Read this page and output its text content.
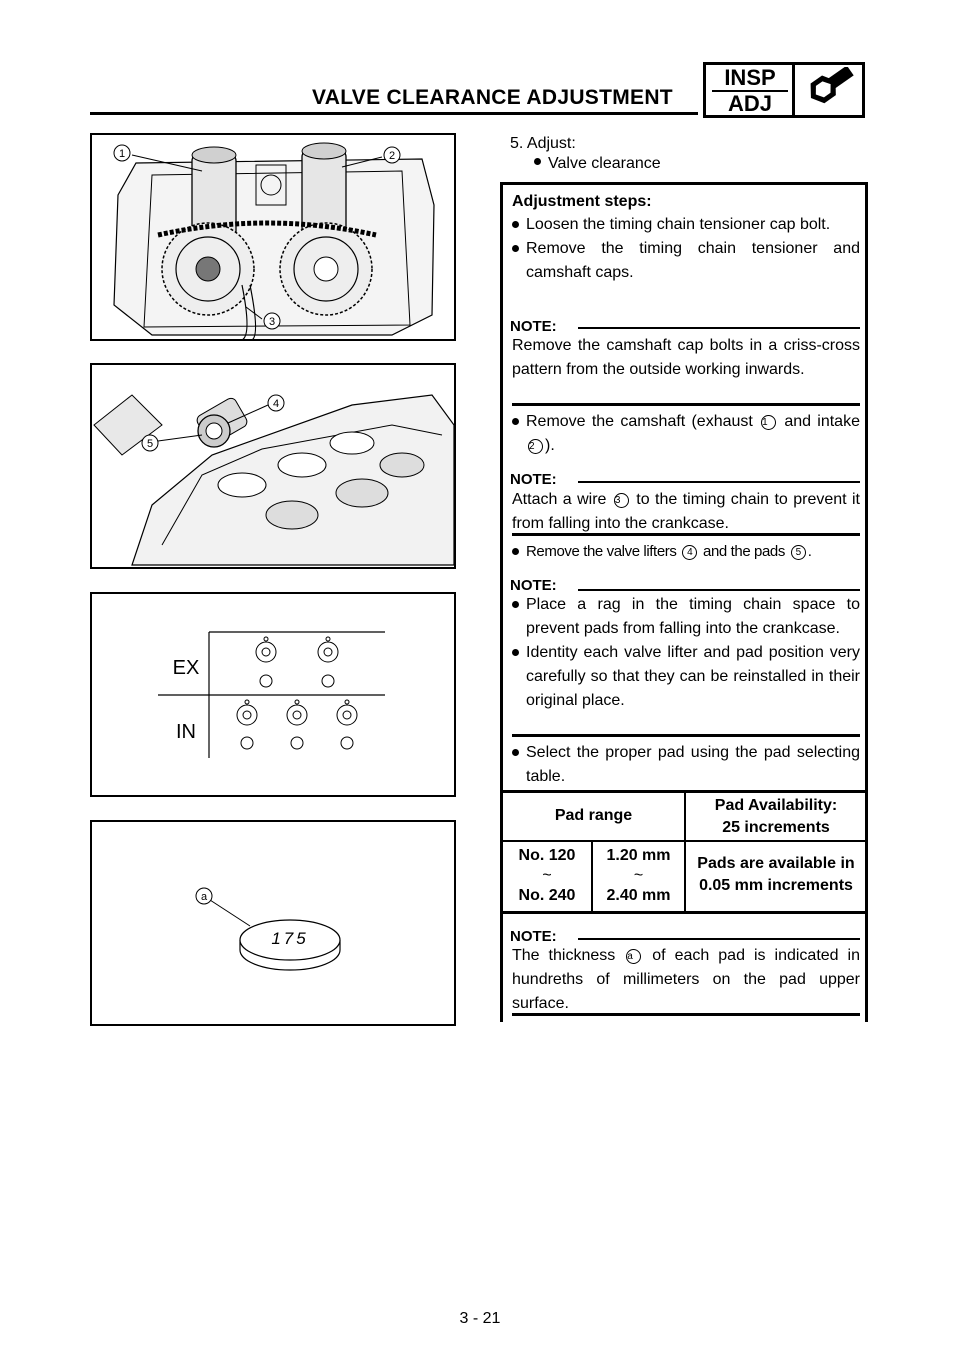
VALVE CLEARANCE ADJUSTMENT
INSP
ADJ
1	2
3
4
5
EX
IN
175
a
5. Adjust:
Valve clearance
Adjustment steps:
Loosen the timing chain tensioner cap bolt.
Remove the timing chain tensioner and camshaft caps.
NOTE:
Remove the camshaft cap bolts in a criss-cross pattern from the outside working inwards.
Remove the camshaft (exhaust 1 and intake 2 ).
NOTE:
Attach a wire 3 to the timing chain to prevent it from falling into the crankcase.
Remove the valve lifters 4 and the pads 5 .
NOTE:
Place a rag in the timing chain space to prevent pads from falling into the crankcase.
Identity each valve lifter and pad position very carefully so that they can be reinstalled in their original place.
Select the proper pad using the pad selecting table.
Pad range
Pad Availability:
25 increments
No. 120
~
No. 240
1.20 mm
~
2.40 mm
Pads are available in
0.05 mm increments
NOTE:
The thickness a of each pad is indicated in hundreths of millimeters on the pad upper surface.
3 - 21
